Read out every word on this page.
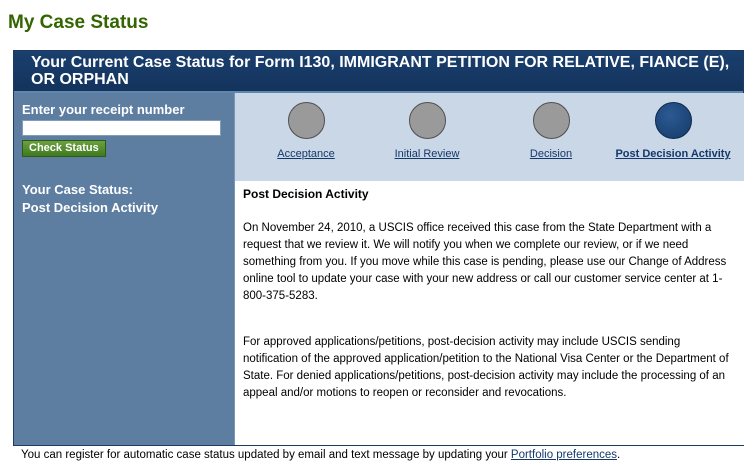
My Case Status
Your Current Case Status for Form I130, IMMIGRANT PETITION FOR RELATIVE, FIANCE (E), OR ORPHAN
Enter your receipt number
Check Status
Your Case Status:
Post Decision Activity
Acceptance	Initial Review	Decision	Post Decision Activity
Post Decision Activity
On November 24, 2010, a USCIS office received this case from the State Department with a request that we review it. We will notify you when we complete our review, or if we need something from you. If you move while this case is pending, please use our Change of Address online tool to update your case with your new address or call our customer service center at 1-800-375-5283.
For approved applications/petitions, post-decision activity may include USCIS sending notification of the approved application/petition to the National Visa Center or the Department of State. For denied applications/petitions, post-decision activity may include the processing of an appeal and/or motions to reopen or reconsider and revocations.
You can register for automatic case status updated by email and text message by updating your Portfolio preferences.
